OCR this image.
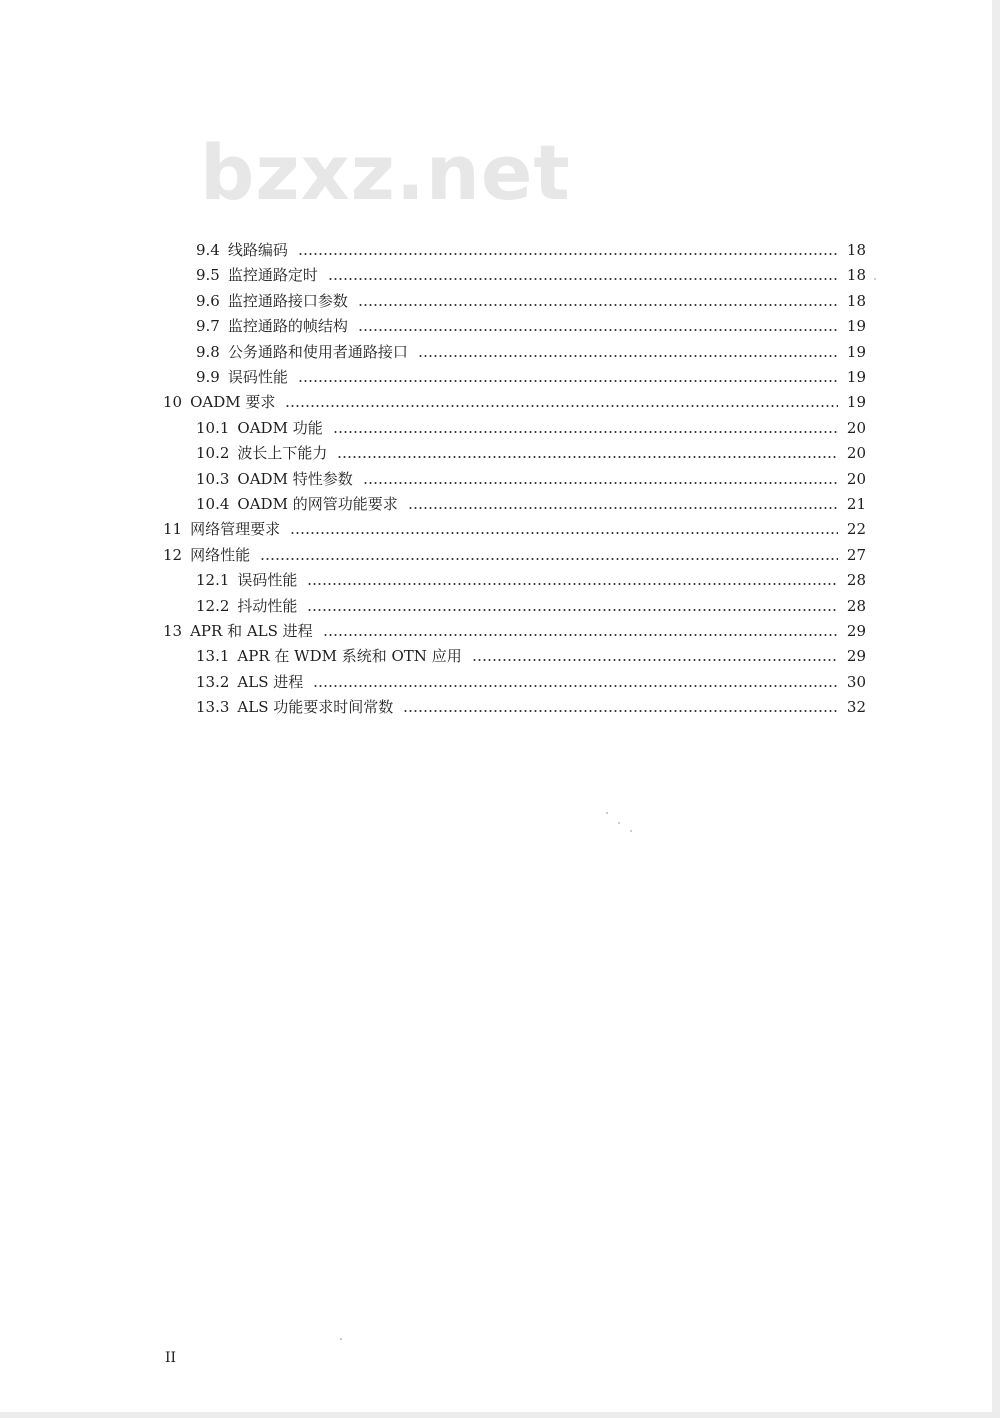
bzxz.net
9.4 线路编码	18
9.5 监控通路定时	18
9.6 监控通路接口参数	18
9.7 监控通路的帧结构	19
9.8 公务通路和使用者通路接口	19
9.9 误码性能	19
10 OADM 要求	19
10.1 OADM 功能	20
10.2 波长上下能力	20
10.3 OADM 特性参数	20
10.4 OADM 的网管功能要求	21
11 网络管理要求	22
12 网络性能	27
12.1 误码性能	28
12.2 抖动性能	28
13 APR 和 ALS 进程	29
13.1 APR 在 WDM 系统和 OTN 应用	29
13.2 ALS 进程	30
13.3 ALS 功能要求时间常数	32
II
